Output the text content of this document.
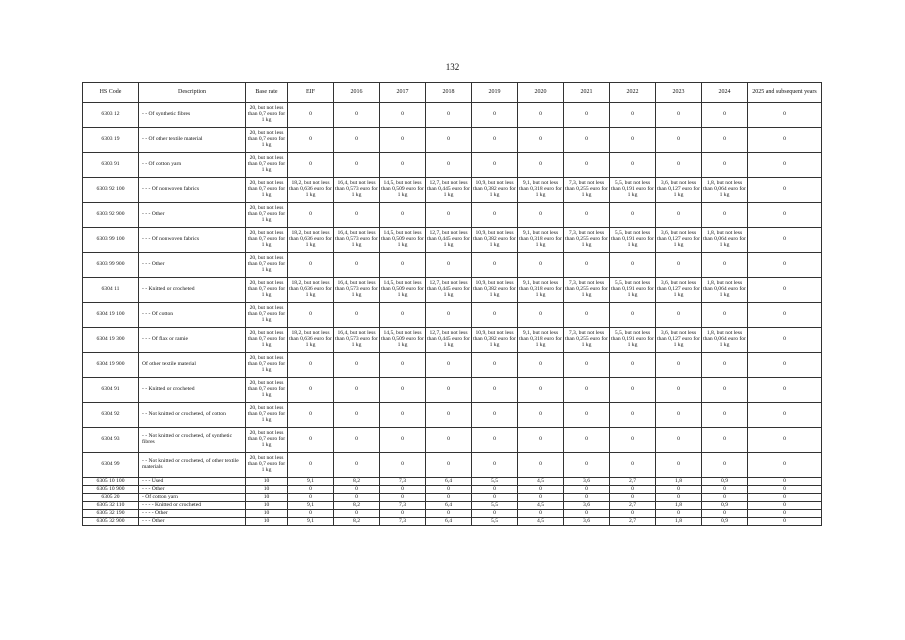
132
HS Code	Description	Base rate	EIF	2016	2017	2018	2019	2020	2021	2022	2023	2024	2025 and subsequent years
6303 12	- - Of synthetic fibres	20, but not less than 0,7 euro for 1 kg	0	0	0	0	0	0	0	0	0	0	0
6303 19	- - Of other textile material	20, but not less than 0,7 euro for 1 kg	0	0	0	0	0	0	0	0	0	0	0
6303 91	- - Of cotton yarn	20, but not less than 0,7 euro for 1 kg	0	0	0	0	0	0	0	0	0	0	0
6303 92 100	- - - Of nonwoven fabrics	20, but not less than 0,7 euro for 1 kg	18,2, but not less than 0,636 euro for 1 kg	16,4, but not less than 0,573 euro for 1 kg	14,5, but not less than 0,509 euro for 1 kg	12,7, but not less than 0,445 euro for 1 kg	10,9, but not less than 0,382 euro for 1 kg	9,1, but not less than 0,318 euro for 1 kg	7,3, but not less than 0,255 euro for 1 kg	5,5, but not less than 0,191 euro for 1 kg	3,6, but not less than 0,127 euro for 1 kg	1,8, but not less than 0,064 euro for 1 kg	0
6303 92 900	- - - Other	20, but not less than 0,7 euro for 1 kg	0	0	0	0	0	0	0	0	0	0	0
6303 99 100	- - - Of nonwoven fabrics	20, but not less than 0,7 euro for 1 kg	18,2, but not less than 0,636 euro for 1 kg	16,4, but not less than 0,573 euro for 1 kg	14,5, but not less than 0,509 euro for 1 kg	12,7, but not less than 0,445 euro for 1 kg	10,9, but not less than 0,382 euro for 1 kg	9,1, but not less than 0,318 euro for 1 kg	7,3, but not less than 0,255 euro for 1 kg	5,5, but not less than 0,191 euro for 1 kg	3,6, but not less than 0,127 euro for 1 kg	1,8, but not less than 0,064 euro for 1 kg	0
6303 99 900	- - - Other	20, but not less than 0,7 euro for 1 kg	0	0	0	0	0	0	0	0	0	0	0
6304 11	- - Knitted or crocheted	20, but not less than 0,7 euro for 1 kg	18,2, but not less than 0,636 euro for 1 kg	16,4, but not less than 0,573 euro for 1 kg	14,5, but not less than 0,509 euro for 1 kg	12,7, but not less than 0,445 euro for 1 kg	10,9, but not less than 0,382 euro for 1 kg	9,1, but not less than 0,318 euro for 1 kg	7,3, but not less than 0,255 euro for 1 kg	5,5, but not less than 0,191 euro for 1 kg	3,6, but not less than 0,127 euro for 1 kg	1,8, but not less than 0,064 euro for 1 kg	0
6304 19 100	- - - Of cotton	20, but not less than 0,7 euro for 1 kg	0	0	0	0	0	0	0	0	0	0	0
6304 19 300	- - - Of flax or ramie	20, but not less than 0,7 euro for 1 kg	18,2, but not less than 0,636 euro for 1 kg	16,4, but not less than 0,573 euro for 1 kg	14,5, but not less than 0,509 euro for 1 kg	12,7, but not less than 0,445 euro for 1 kg	10,9, but not less than 0,382 euro for 1 kg	9,1, but not less than 0,318 euro for 1 kg	7,3, but not less than 0,255 euro for 1 kg	5,5, but not less than 0,191 euro for 1 kg	3,6, but not less than 0,127 euro for 1 kg	1,8, but not less than 0,064 euro for 1 kg	0
6304 19 900	Of other textile material	20, but not less than 0,7 euro for 1 kg	0	0	0	0	0	0	0	0	0	0	0
6304 91	- - Knitted or crocheted	20, but not less than 0,7 euro for 1 kg	0	0	0	0	0	0	0	0	0	0	0
6304 92	- - Not knitted or crocheted, of cotton	20, but not less than 0,7 euro for 1 kg	0	0	0	0	0	0	0	0	0	0	0
6304 93	- - Not knitted or crocheted, of synthetic fibres	20, but not less than 0,7 euro for 1 kg	0	0	0	0	0	0	0	0	0	0	0
6304 99	- - Not knitted or crocheted, of other textile materials	20, but not less than 0,7 euro for 1 kg	0	0	0	0	0	0	0	0	0	0	0
6305 10 100	- - - Used	10	9,1	8,2	7,3	6,4	5,5	4,5	3,6	2,7	1,8	0,9	0
6305 10 900	- - - Other	10	0	0	0	0	0	0	0	0	0	0	0
6305 20	- Of cotton yarn	10	0	0	0	0	0	0	0	0	0	0	0
6305 32 110	- - - - Knitted or crocheted	10	9,1	8,2	7,3	6,4	5,5	4,5	3,6	2,7	1,8	0,9	0
6305 32 190	- - - - Other	10	0	0	0	0	0	0	0	0	0	0	0
6305 32 900	- - - Other	10	9,1	8,2	7,3	6,4	5,5	4,5	3,6	2,7	1,8	0,9	0
